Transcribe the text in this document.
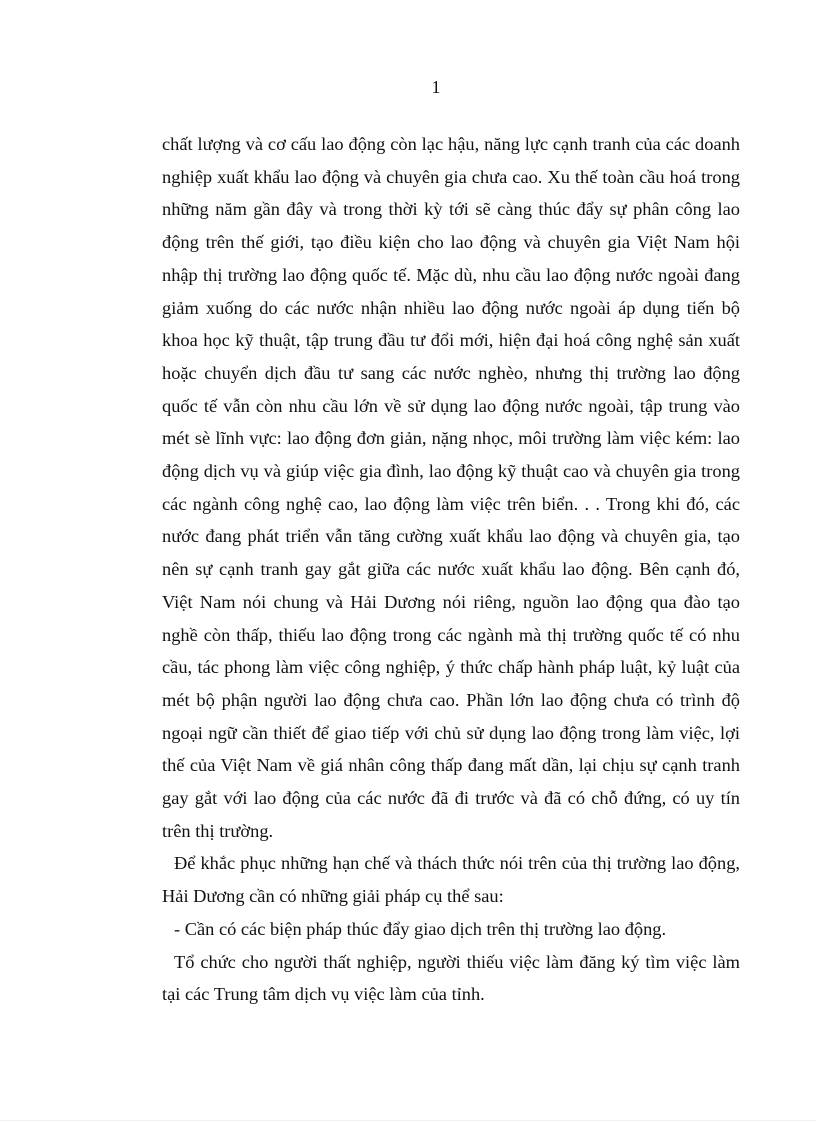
1

chất lượng và cơ cấu lao động còn lạc hậu, năng lực cạnh tranh của các doanh nghiệp xuất khẩu lao động và chuyên gia chưa cao. Xu thế toàn cầu hoá trong những năm gần đây và trong thời kỳ tới sẽ càng thúc đẩy sự phân công lao động trên thế giới, tạo điều kiện cho lao động và chuyên gia Việt Nam hội nhập thị trường lao động quốc tế. Mặc dù, nhu cầu lao động nước ngoài đang giảm xuống do các nước nhận nhiều lao động nước ngoài áp dụng tiến bộ khoa học kỹ thuật, tập trung đầu tư đổi mới, hiện đại hoá công nghệ sản xuất hoặc chuyển dịch đầu tư sang các nước nghèo, nhưng thị trường lao động quốc tế vẫn còn nhu cầu lớn về sử dụng lao động nước ngoài, tập trung vào mét sè lĩnh vực: lao động đơn giản, nặng nhọc, môi trường làm việc kém: lao động dịch vụ và giúp việc gia đình, lao động kỹ thuật cao và chuyên gia trong các ngành công nghệ cao, lao động làm việc trên biển. . . Trong khi đó, các nước đang phát triển vẫn tăng cường xuất khẩu lao động và chuyên gia, tạo nên sự cạnh tranh gay gắt giữa các nước xuất khẩu lao động. Bên cạnh đó, Việt Nam nói chung và Hải Dương nói riêng, nguồn lao động qua đào tạo nghề còn thấp, thiếu lao động trong các ngành mà thị trường quốc tế có nhu cầu, tác phong làm việc công nghiệp, ý thức chấp hành pháp luật, kỷ luật của mét bộ phận người lao động chưa cao. Phần lớn lao động chưa có trình độ ngoại ngữ cần thiết để giao tiếp với chủ sử dụng lao động trong làm việc, lợi thế của Việt Nam về giá nhân công thấp đang mất dần, lại chịu sự cạnh tranh gay gắt với lao động của các nước đã đi trước và đã có chỗ đứng, có uy tín trên thị trường.

Để khắc phục những hạn chế và thách thức nói trên của thị trường lao động, Hải Dương cần có những giải pháp cụ thể sau:

- Cần có các biện pháp thúc đẩy giao dịch trên thị trường lao động.

Tổ chức cho người thất nghiệp, người thiếu việc làm đăng ký tìm việc làm tại các Trung tâm dịch vụ việc làm của tỉnh.
